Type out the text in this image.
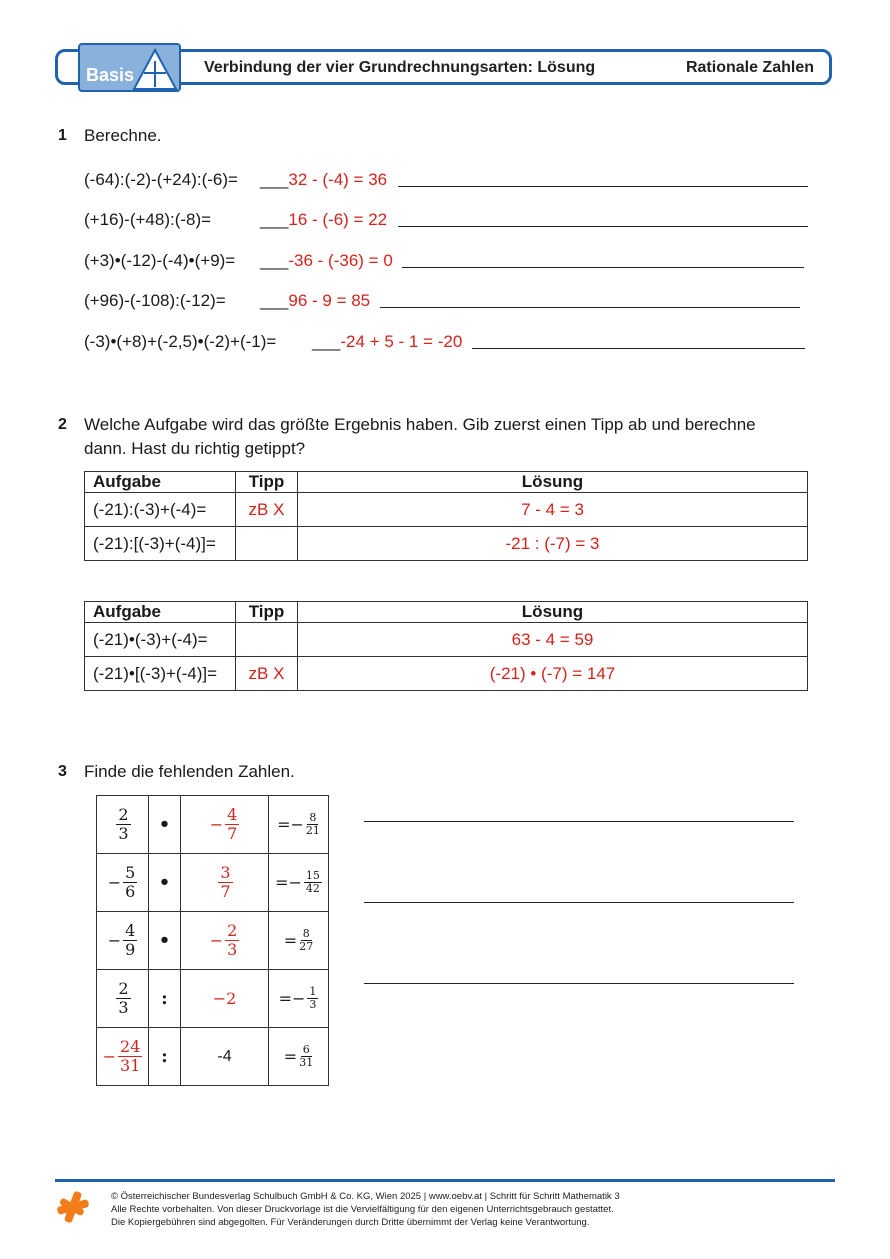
Basis	Verbindung der vier Grundrechnungsarten: Lösung	Rationale Zahlen
1 Berechne.
(-64):(-2)-(+24):(-6)= ___32 - (-4) = 36
(+16)-(+48):(-8)=	___16 - (-6) = 22
(+3)•(-12)-(-4)•(+9)= ___-36 - (-36) = 0
(+96)-(-108):(-12)= ___96 - 9 = 85
(-3)•(+8)+(-2,5)•(-2)+(-1)= ___-24 + 5 - 1 = -20
2 Welche Aufgabe wird das größte Ergebnis haben. Gib zuerst einen Tipp ab und berechne
dann. Hast du richtig getippt?
Aufgabe	Tipp	Lösung
(-21):(-3)+(-4)=	zB X	7 - 4 = 3
(-21):[(-3)+(-4)]=		-21 : (-7) = 3
Aufgabe	Tipp	Lösung
(-21)•(-3)+(-4)=		63 - 4 = 59
(-21)•[(-3)+(-4)]=	zB X	(-21) • (-7) = 147
3 Finde die fehlenden Zahlen.
$\frac{2}{3}$	•	− $\frac{4}{7}$	=− $\frac{8}{21}$

− $\frac{5}{6}$	•	$\frac{3}{7}$	=− $\frac{15}{42}$

− $\frac{4}{9}$	•	− $\frac{2}{3}$	= $\frac{8}{27}$

$\frac{2}{3}$	:	−2	=− $\frac{1}{3}$

− $\frac{24}{31}$	:	-4	= $\frac{6}{31}$
© Österreichischer Bundesverlag Schulbuch GmbH & Co. KG, Wien 2025 | www.oebv.at | Schritt für Schritt Mathematik 3
Alle Rechte vorbehalten. Von dieser Druckvorlage ist die Vervielfältigung für den eigenen Unterrichtsgebrauch gestattet.
Die Kopiergebühren sind abgegolten. Für Veränderungen durch Dritte übernimmt der Verlag keine Verantwortung.
